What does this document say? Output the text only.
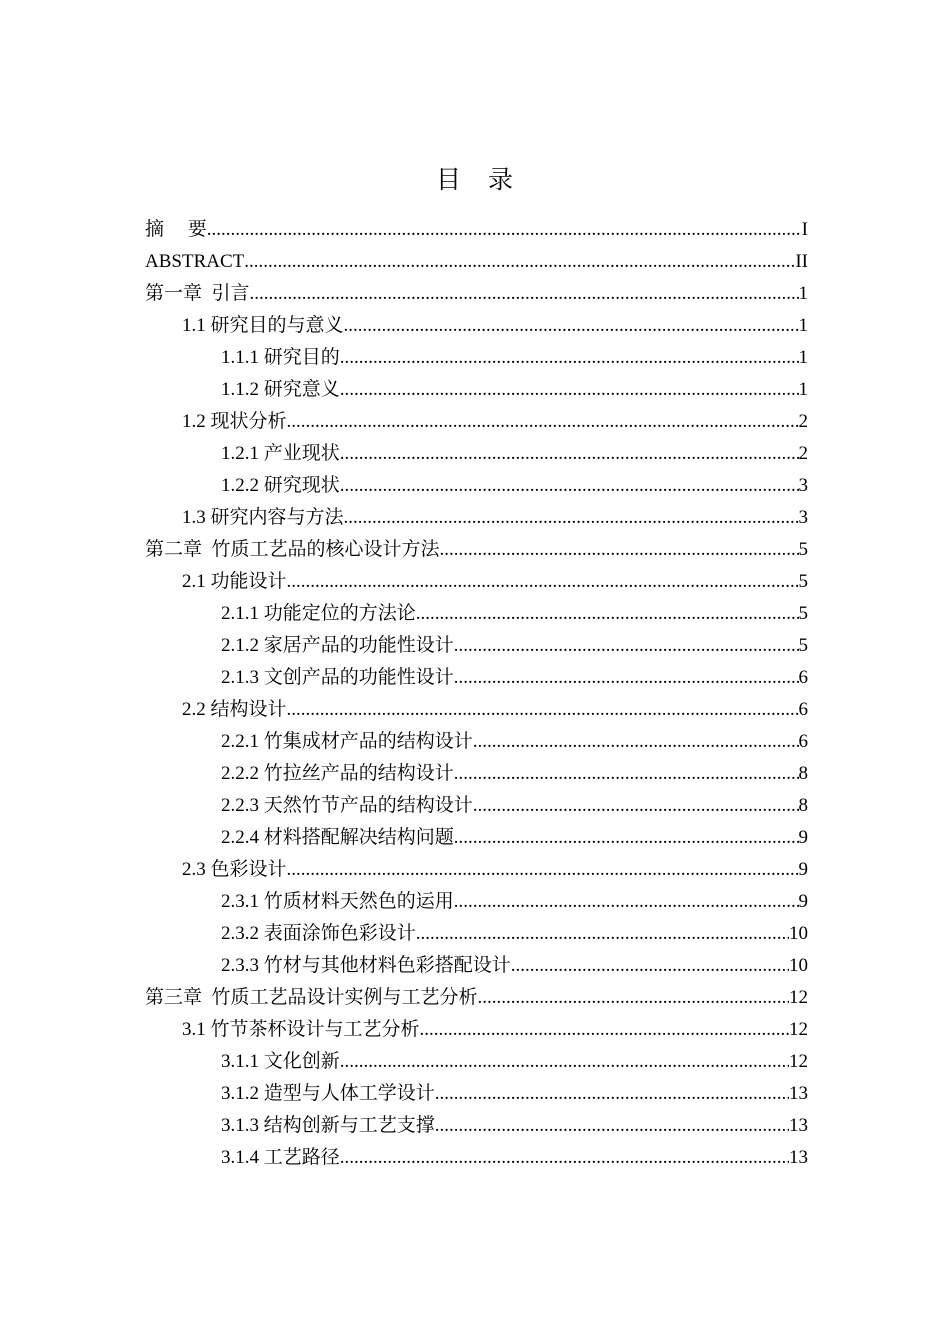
目　录
摘　 要 .....	I
ABSTRACT .....	II
第一章  引言 .....	1
1.1 研究目的与意义 .....	1
1.1.1 研究目的 .....	1
1.1.2 研究意义 .....	1
1.2 现状分析 .....	2
1.2.1 产业现状 .....	2
1.2.2 研究现状 .....	3
1.3 研究内容与方法 .....	3
第二章  竹质工艺品的核心设计方法 .....	5
2.1 功能设计 .....	5
2.1.1 功能定位的方法论 .....	5
2.1.2 家居产品的功能性设计 .....	5
2.1.3 文创产品的功能性设计 .....	6
2.2 结构设计 .....	6
2.2.1 竹集成材产品的结构设计 .....	6
2.2.2 竹拉丝产品的结构设计 .....	8
2.2.3 天然竹节产品的结构设计 .....	8
2.2.4 材料搭配解决结构问题 .....	9
2.3 色彩设计 .....	9
2.3.1 竹质材料天然色的运用 .....	9
2.3.2 表面涂饰色彩设计 .....	10
2.3.3 竹材与其他材料色彩搭配设计 .....	10
第三章  竹质工艺品设计实例与工艺分析 .....	12
3.1 竹节茶杯设计与工艺分析 .....	12
3.1.1 文化创新 .....	12
3.1.2 造型与人体工学设计 .....	13
3.1.3 结构创新与工艺支撑 .....	13
3.1.4 工艺路径 .....	13
